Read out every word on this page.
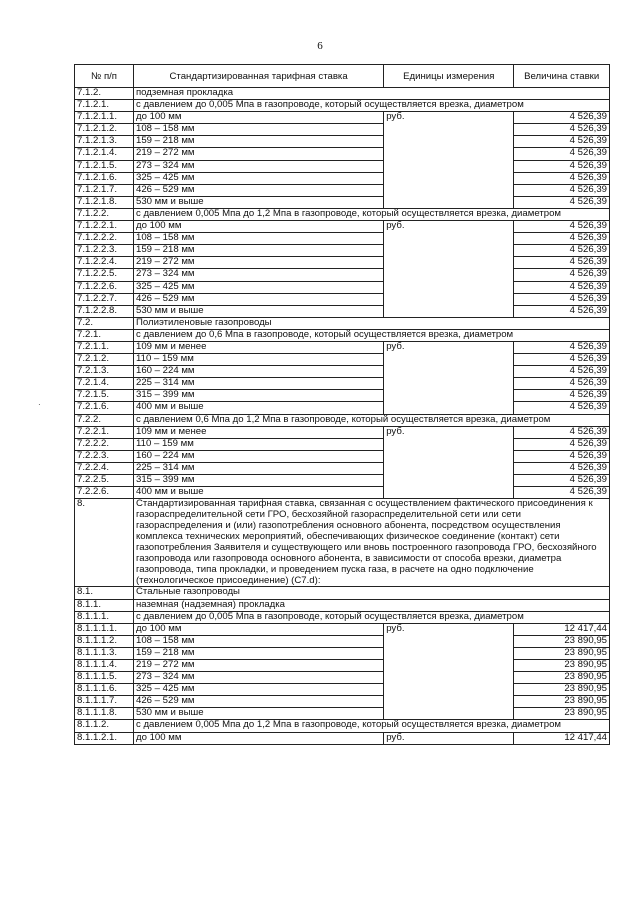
6
№ п/п	Стандартизированная тарифная ставка	Единицы измерения	Величина ставки
7.1.2.	подземная прокладка		
7.1.2.1.	с давлением до 0,005 Мпа в газопроводе, который осуществляется врезка, диаметром		
7.1.2.1.1.	до 100 мм	руб.	4 526,39
7.1.2.1.2.	108 – 158 мм		4 526,39
7.1.2.1.3.	159 – 218 мм		4 526,39
7.1.2.1.4.	219 – 272 мм		4 526,39
7.1.2.1.5.	273 – 324 мм		4 526,39
7.1.2.1.6.	325 – 425 мм		4 526,39
7.1.2.1.7.	426 – 529 мм		4 526,39
7.1.2.1.8.	530 мм и выше		4 526,39
7.1.2.2.	с давлением 0,005 Мпа до 1,2 Мпа в газопроводе, который осуществляется врезка, диаметром		
7.1.2.2.1.	до 100 мм	руб.	4 526,39
7.1.2.2.2.	108 – 158 мм		4 526,39
7.1.2.2.3.	159 – 218 мм		4 526,39
7.1.2.2.4.	219 – 272 мм		4 526,39
7.1.2.2.5.	273 – 324 мм		4 526,39
7.1.2.2.6.	325 – 425 мм		4 526,39
7.1.2.2.7.	426 – 529 мм		4 526,39
7.1.2.2.8.	530 мм и выше		4 526,39
7.2.	Полиэтиленовые газопроводы		
7.2.1.	с давлением до 0,6 Мпа в газопроводе, который осуществляется врезка, диаметром		
7.2.1.1.	109 мм и менее	руб.	4 526,39
7.2.1.2.	110 – 159 мм		4 526,39
7.2.1.3.	160 – 224 мм		4 526,39
7.2.1.4.	225 – 314 мм		4 526,39
7.2.1.5.	315 – 399 мм		4 526,39
7.2.1.6.	400 мм и выше		4 526,39
7.2.2.	с давлением 0,6 Мпа до 1,2 Мпа в газопроводе, который осуществляется врезка, диаметром		
7.2.2.1.	109 мм и менее	руб.	4 526,39
7.2.2.2.	110 – 159 мм		4 526,39
7.2.2.3.	160 – 224 мм		4 526,39
7.2.2.4.	225 – 314 мм		4 526,39
7.2.2.5.	315 – 399 мм		4 526,39
7.2.2.6.	400 мм и выше		4 526,39
8.	Стандартизированная тарифная ставка, связанная с осуществлением фактического присоединения к газораспределительной сети ГРО, бесхозяйной газораспределительной сети или сети газораспределения и (или) газопотребления основного абонента, посредством осуществления комплекса технических мероприятий, обеспечивающих физическое соединение (контакт) сети газопотребления Заявителя и существующего или вновь построенного газопровода ГРО, бесхозяйного газопровода или газопровода основного абонента, в зависимости от способа врезки, диаметра газопровода, типа прокладки, и проведением пуска газа, в расчете на одно подключение (технологическое присоединение) (С7.d):		
8.1.	Стальные газопроводы		
8.1.1.	наземная (надземная) прокладка		
8.1.1.1.	с давлением до 0,005 Мпа в газопроводе, который осуществляется врезка, диаметром		
8.1.1.1.1.	до 100 мм	руб.	12 417,44
8.1.1.1.2.	108 – 158 мм		23 890,95
8.1.1.1.3.	159 – 218 мм		23 890,95
8.1.1.1.4.	219 – 272 мм		23 890,95
8.1.1.1.5.	273 – 324 мм		23 890,95
8.1.1.1.6.	325 – 425 мм		23 890,95
8.1.1.1.7.	426 – 529 мм		23 890,95
8.1.1.1.8.	530 мм и выше		23 890,95
8.1.1.2.	с давлением 0,005 Мпа до 1,2 Мпа в газопроводе, который осуществляется врезка, диаметром		
8.1.1.2.1.	до 100 мм	руб.	12 417,44
·
